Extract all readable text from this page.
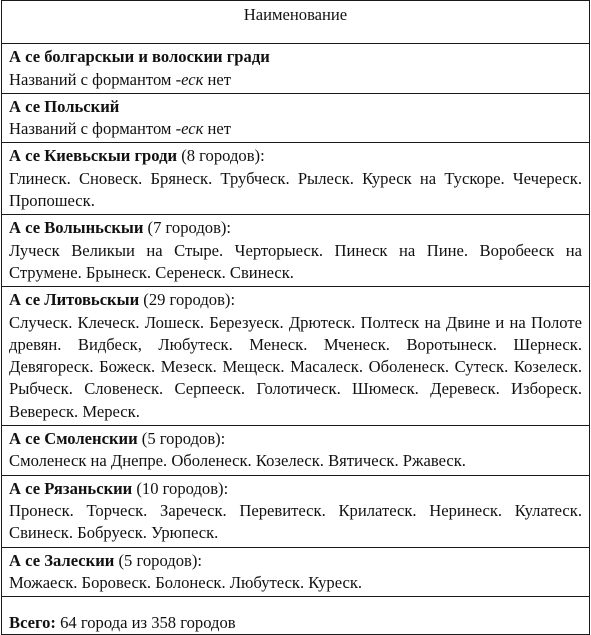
Наименование

А се болгарскыи и волоскии гради
Названий с формантом -еск нет

А се Польский
Названий с формантом -еск нет

А се Киевьскыи гроди (8 городов):
Глинеск. Сновеск. Брянеск. Трубческ. Рылеск. Куреск на Тускоре. Чечереск. Пропошеск.

А се Волыньскыи (7 городов):
Луческ Великыи на Стыре. Черторыеск. Пинеск на Пине. Воробееск на Струмене. Брынеск. Серенеск. Свинеск.

А се Литовьскыи (29 городов):
Случеск. Клеческ. Лошеск. Березуеск. Дрютеск. Полтеск на Двине и на Полоте древян. Видбеск, Любутеск. Менеск. Мченеск. Воротынеск. Шернеск. Девягореск. Божеск. Мезеск. Мещеск. Масалеск. Оболенеск. Сутеск. Козелеск. Рыбческ. Словенеск. Серпееск. Голотическ. Шюмеск. Деревеск. Избореск. Вевереск. Мереск.

А се Смоленскии (5 городов):
Смоленеск на Днепре. Оболенеск. Козелеск. Вятическ. Ржавеск.

А се Рязаньскии (10 городов):
Пронеск. Торческ. Зареческ. Перевитеск. Крилатеск. Неринеск. Кулатеск. Свинеск. Бобруеск. Урюпеск.

А се Залескии (5 городов):
Можаеск. Боровеск. Болонеск. Любутеск. Куреск.

Всего: 64 города из 358 городов
